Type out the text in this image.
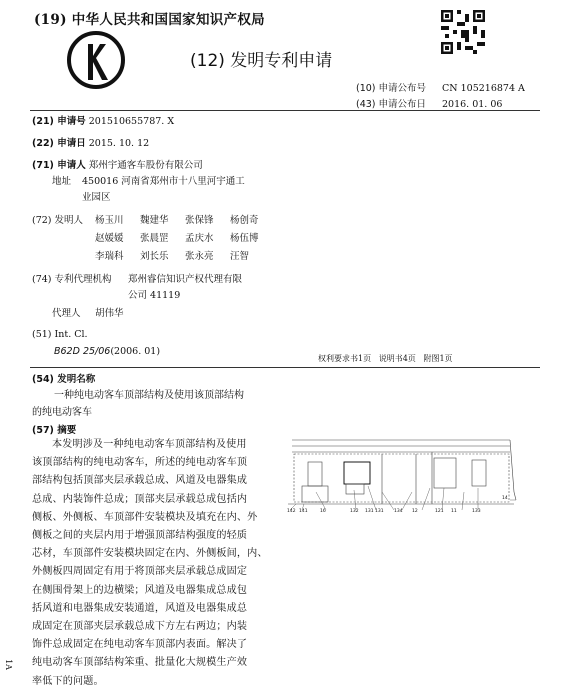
(19) 中华人民共和国国家知识产权局
(12) 发明专利申请
(10) 申请公布号 CN 105216874 A
(43) 申请公布日 2016. 01. 06
(21) 申请号 201510655787. X
(22) 申请日 2015. 10. 12
(71) 申请人 郑州宇通客车股份有限公司
地址 450016 河南省郑州市十八里河宇通工
业园区
(72) 发明人 杨玉川 魏建华 张保锋 杨创奇
赵媛媛 张晨罡 孟庆水 杨伍博
李瑞科 刘长乐 张永亮 汪智
(74) 专利代理机构 郑州睿信知识产权代理有限
公司 41119
代理人 胡伟华
(51) Int. Cl.
B62D 25/06(2006. 01)
权利要求书1页 说明书4页 附图1页
(54) 发明名称
一种纯电动客车顶部结构及使用该顶部结构
的纯电动客车
(57) 摘要
本发明涉及一种纯电动客车顶部结构及使用
该顶部结构的纯电动客车，所述的纯电动客车顶
部结构包括顶部夹层承载总成、风道及电器集成
总成、内装饰件总成；顶部夹层承载总成包括内
侧板、外侧板、车顶部件安装模块及填充在内、外
侧板之间的夹层内用于增强顶部结构强度的轻质
芯材，车顶部件安装模块固定在内、外侧板间，内、
外侧板四周固定有用于将顶部夹层承载总成固定
在侧围骨架上的边横梁；风道及电器集成总成包
括风道和电器集成安装通道，风道及电器集成总
成固定在顶部夹层承载总成下方左右两边；内装
饰件总成固定在纯电动客车顶部内表面。解决了
纯电动客车顶部结构笨重、批量化大规模生产效
率低下的问题。
142 141	16	132 131 131 134 12	121 11	133
14
1A
